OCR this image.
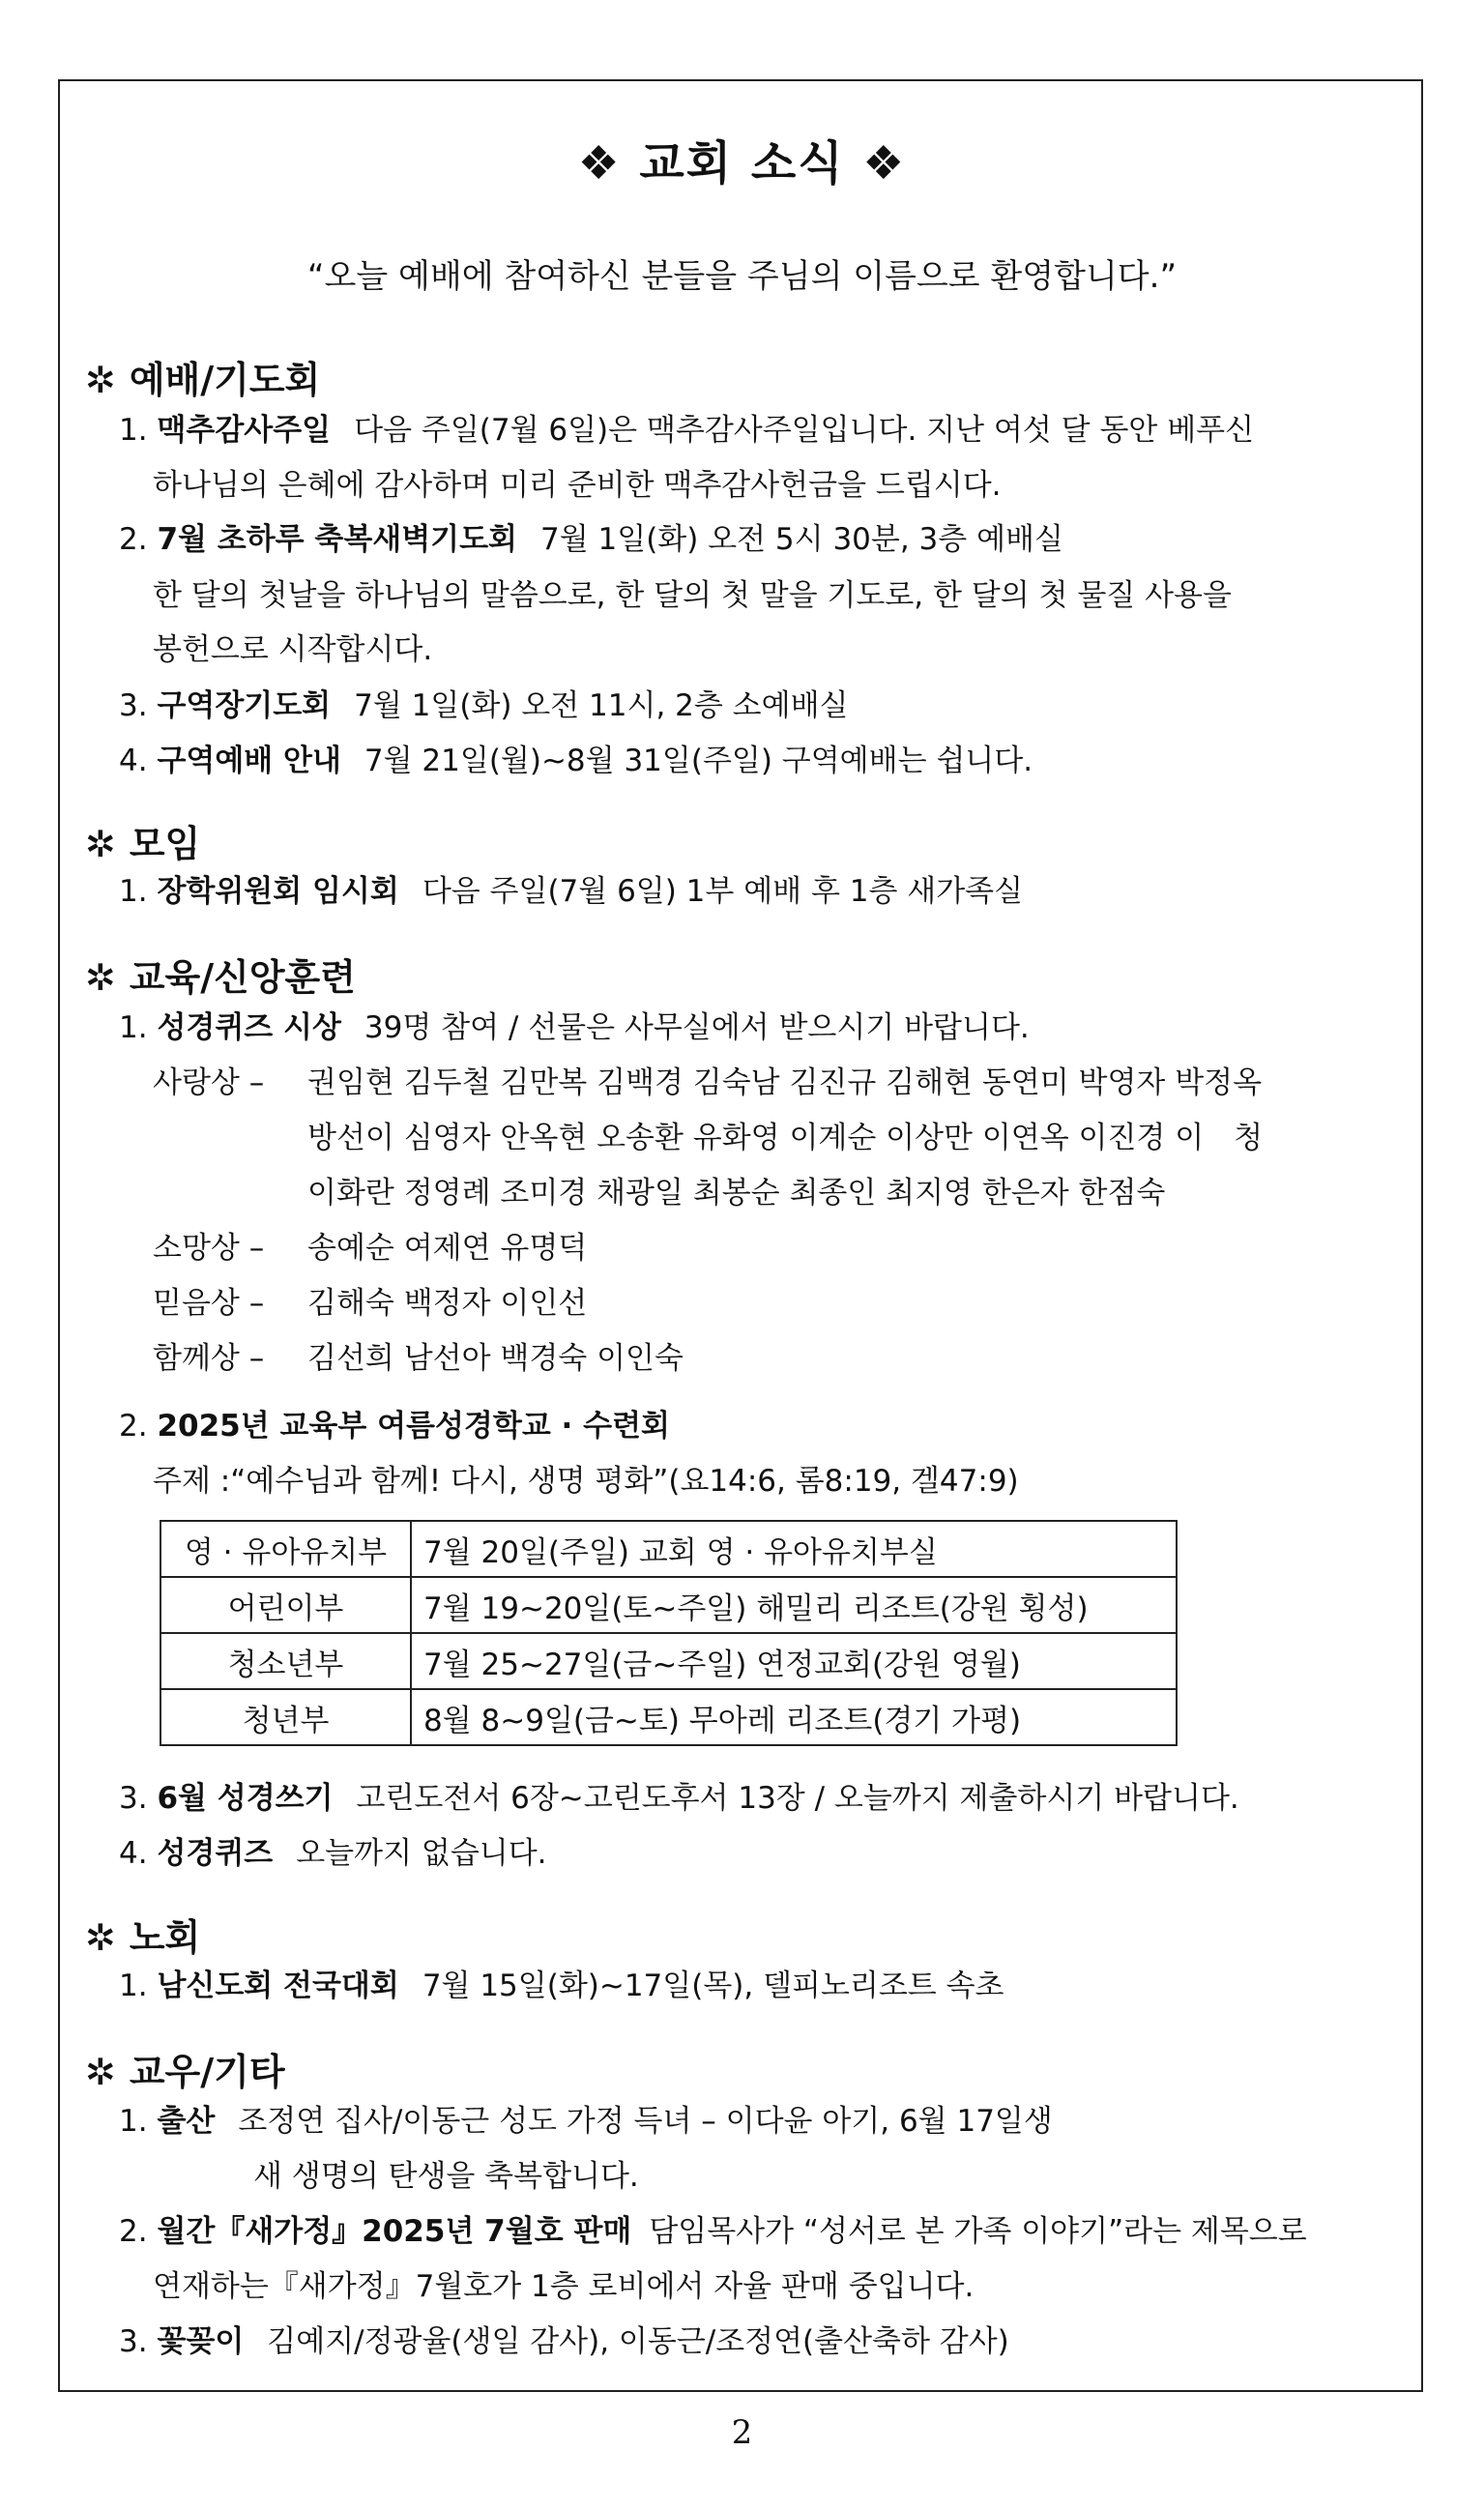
❖ 교회 소식 ❖
“오늘 예배에 참여하신 분들을 주님의 이름으로 환영합니다.”
✲ 예배/기도회
1. 맥추감사주일 다음 주일(7월 6일)은 맥추감사주일입니다. 지난 여섯 달 동안 베푸신
하나님의 은혜에 감사하며 미리 준비한 맥추감사헌금을 드립시다.
2. 7월 초하루 축복새벽기도회 7월 1일(화) 오전 5시 30분, 3층 예배실
한 달의 첫날을 하나님의 말씀으로, 한 달의 첫 말을 기도로, 한 달의 첫 물질 사용을
봉헌으로 시작합시다.
3. 구역장기도회 7월 1일(화) 오전 11시, 2층 소예배실
4. 구역예배 안내 7월 21일(월)~8월 31일(주일) 구역예배는 쉽니다.
✲ 모임
1. 장학위원회 임시회 다음 주일(7월 6일) 1부 예배 후 1층 새가족실
✲ 교육/신앙훈련
1. 성경퀴즈 시상 39명 참여 / 선물은 사무실에서 받으시기 바랍니다.
사랑상 – 권임현 김두철 김만복 김백경 김숙남 김진규 김해현 동연미 박영자 박정옥
방선이 심영자 안옥현 오송환 유화영 이계순 이상만 이연옥 이진경 이　청
이화란 정영례 조미경 채광일 최봉순 최종인 최지영 한은자 한점숙
소망상 – 송예순 여제연 유명덕
믿음상 – 김해숙 백정자 이인선
함께상 – 김선희 남선아 백경숙 이인숙
2. 2025년 교육부 여름성경학교 · 수련회
주제 :“예수님과 함께! 다시, 생명 평화”(요14:6, 롬8:19, 겔47:9)
영 · 유아유치부	7월 20일(주일) 교회 영 · 유아유치부실
어린이부	7월 19~20일(토~주일) 해밀리 리조트(강원 횡성)
청소년부	7월 25~27일(금~주일) 연정교회(강원 영월)
청년부	8월 8~9일(금~토) 무아레 리조트(경기 가평)
3. 6월 성경쓰기 고린도전서 6장~고린도후서 13장 / 오늘까지 제출하시기 바랍니다.
4. 성경퀴즈 오늘까지 없습니다.
✲ 노회
1. 남신도회 전국대회 7월 15일(화)~17일(목), 델피노리조트 속초
✲ 교우/기타
1. 출산 조정연 집사/이동근 성도 가정 득녀 – 이다윤 아기, 6월 17일생
새 생명의 탄생을 축복합니다.
2. 월간『새가정』2025년 7월호 판매 담임목사가 “성서로 본 가족 이야기”라는 제목으로
연재하는『새가정』7월호가 1층 로비에서 자율 판매 중입니다.
3. 꽃꽂이 김예지/정광율(생일 감사), 이동근/조정연(출산축하 감사)
2
